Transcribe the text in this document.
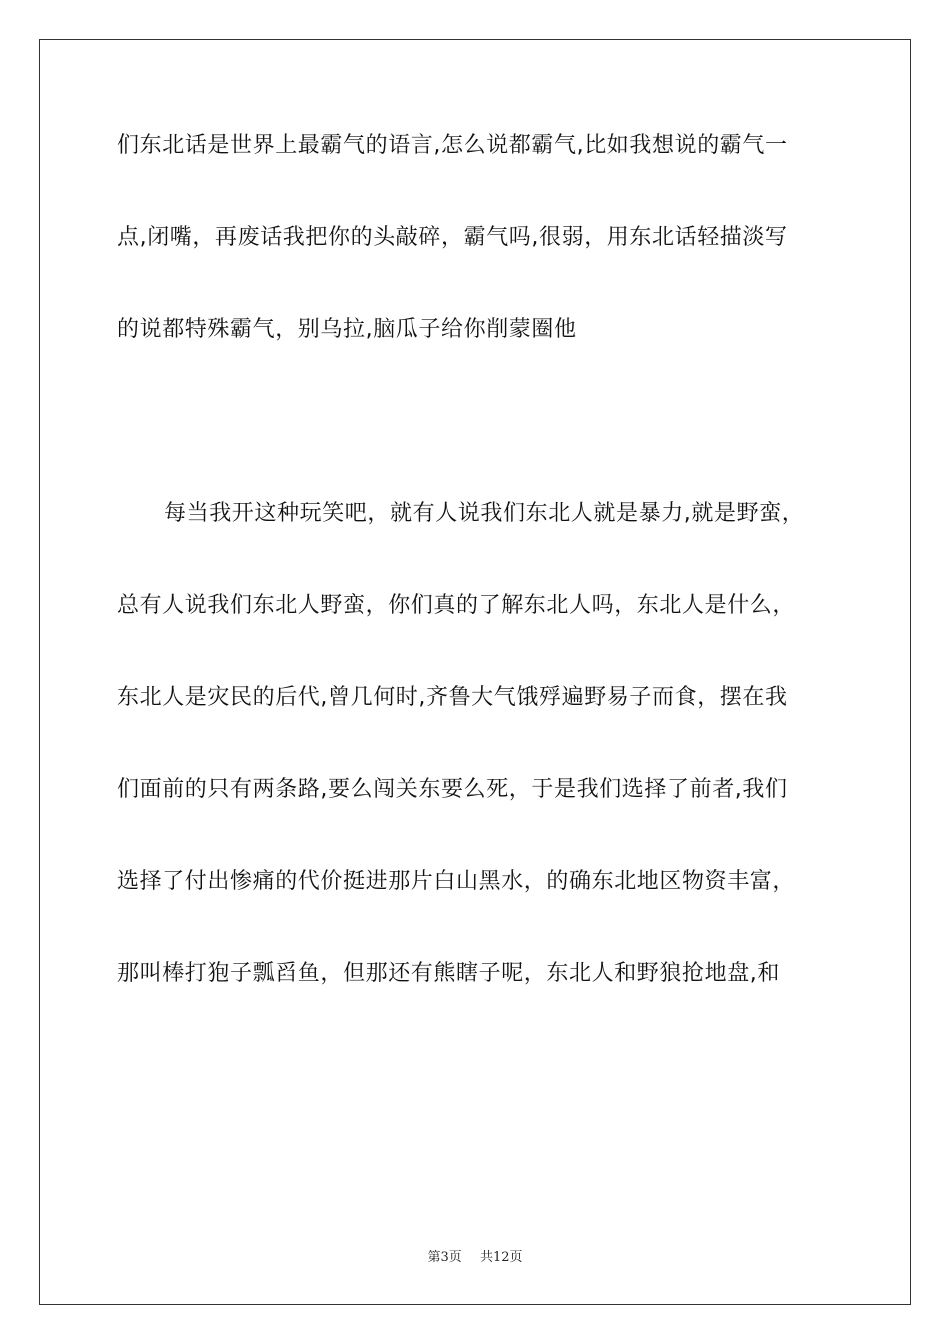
们东北话是世界上最霸气的语言,怎么说都霸气,比如我想说的霸气一
点,闭嘴，再废话我把你的头敲碎，霸气吗,很弱，用东北话轻描淡写
的说都特殊霸气，别乌拉,脑瓜子给你削蒙圈他
每当我开这种玩笑吧，就有人说我们东北人就是暴力,就是野蛮，
总有人说我们东北人野蛮，你们真的了解东北人吗，东北人是什么，
东北人是灾民的后代,曾几何时,齐鲁大气饿殍遍野易子而食，摆在我
们面前的只有两条路,要么闯关东要么死，于是我们选择了前者,我们
选择了付出惨痛的代价挺进那片白山黑水，的确东北地区物资丰富，
那叫棒打狍子瓢舀鱼，但那还有熊瞎子呢，东北人和野狼抢地盘,和
第3页 共12页
